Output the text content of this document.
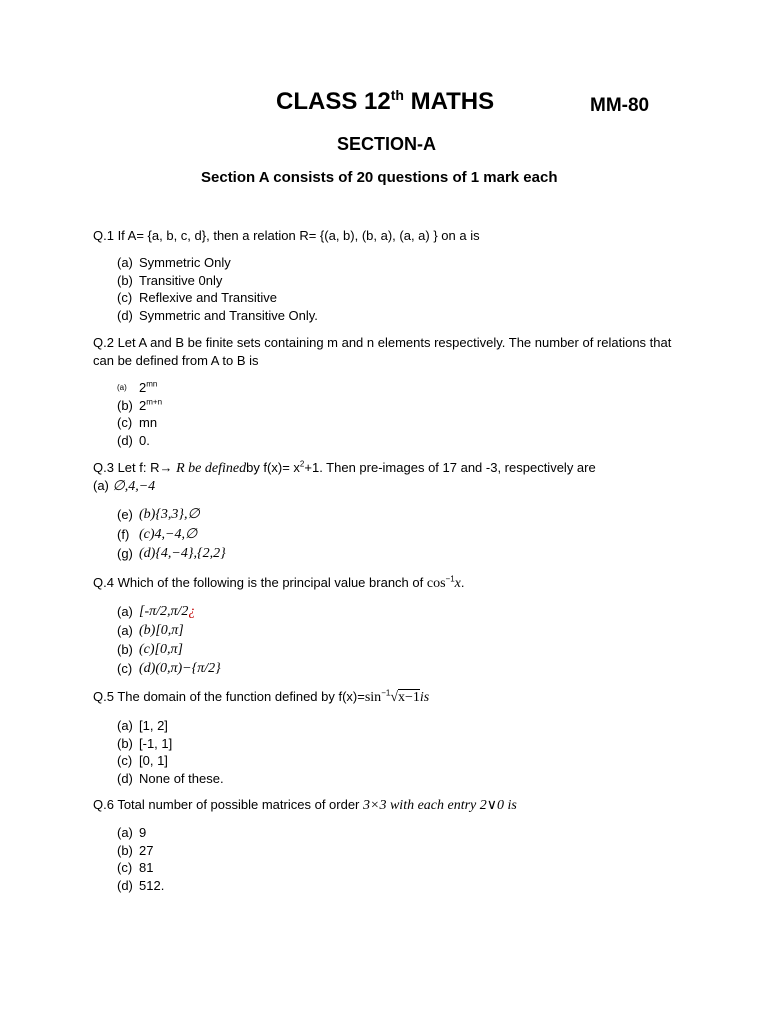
CLASS 12th MATHS	MM-80
SECTION-A
Section A consists of 20 questions of 1 mark each
Q.1 If A= {a, b, c, d}, then a relation R= {(a, b), (b, a), (a, a) } on a is
(a) Symmetric Only
(b) Transitive 0nly
(c) Reflexive and Transitive
(d) Symmetric and Transitive Only.
Q.2 Let A and B be finite sets containing m and n elements respectively. The number of relations that can be defined from A to B is
(a) $2^{mn}$
(b) $2^{m+n}$
(c) mn
(d) 0.
Q.3 Let f: R→ R be definedby $f(x)= x^2+1$. Then pre-images of 17 and -3, respectively are
(a) ∅,4,−4
(e) (b){3,3},∅
(f) (c)4,−4,∅
(g) (d){4,−4},{2,2}
Q.4 Which of the following is the principal value branch of $\cos^{-1}x$.
(a) [-π/2,π/2 ¿
(a) (b)[0,π]
(b) (c)[0,π]
(c) (d)(0,π)−{π/2}
Q.5 The domain of the function defined by $f(x)=\sin^{-1}√x-1is$
(a) [1, 2]
(b) [-1, 1]
(c) [0, 1]
(d) None of these.
Q.6 Total number of possible matrices of order 3×3 with each entry 2∨0 is
(a) 9
(b) 27
(c) 81
(d) 512.
